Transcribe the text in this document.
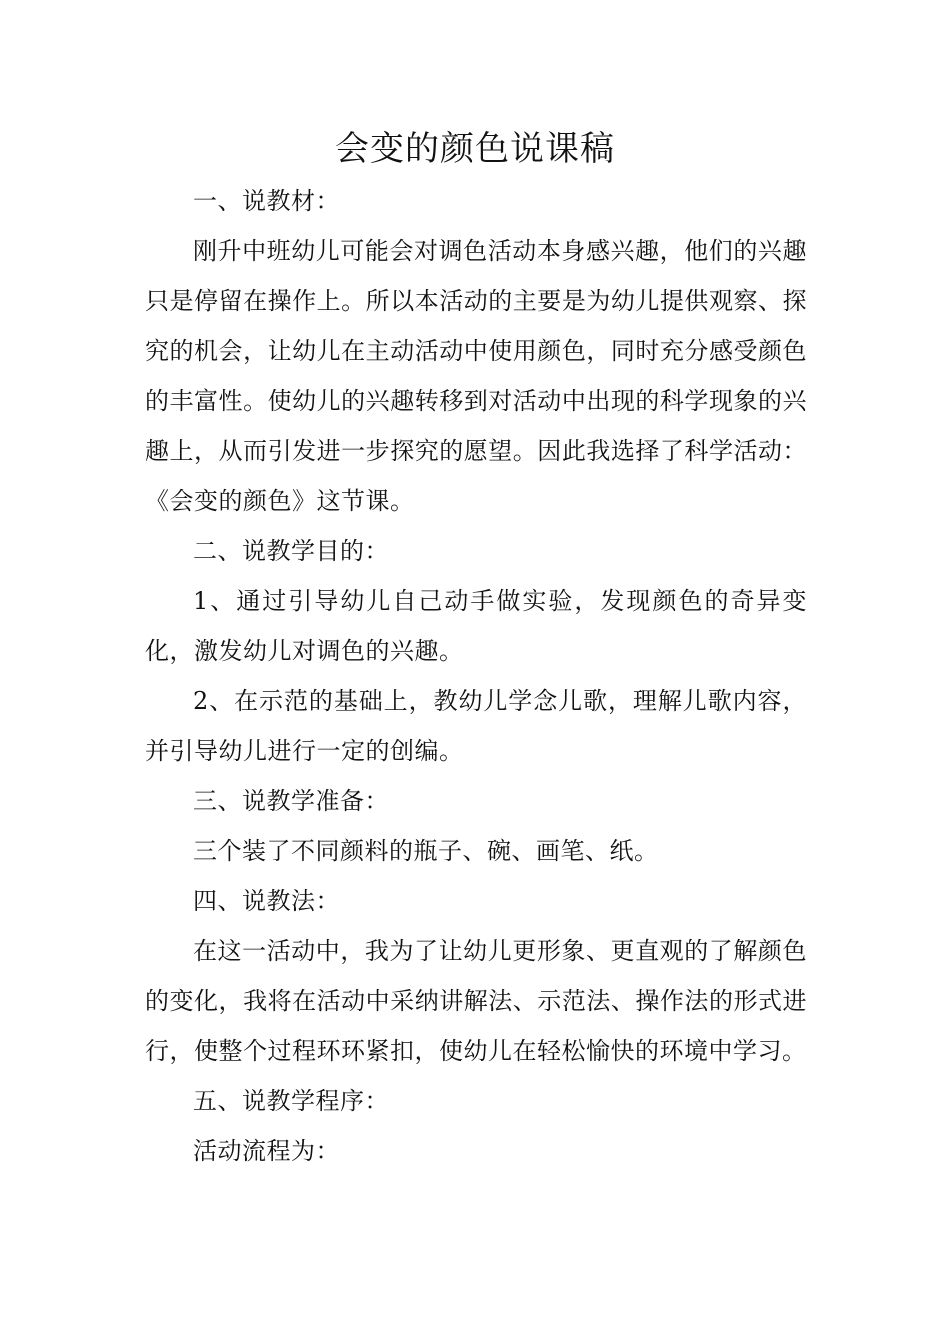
会变的颜色说课稿

一、说教材：

刚升中班幼儿可能会对调色活动本身感兴趣，他们的兴趣只是停留在操作上。所以本活动的主要是为幼儿提供观察、探究的机会，让幼儿在主动活动中使用颜色，同时充分感受颜色的丰富性。使幼儿的兴趣转移到对活动中出现的科学现象的兴趣上，从而引发进一步探究的愿望。因此我选择了科学活动：《会变的颜色》这节课。

二、说教学目的：

1、通过引导幼儿自己动手做实验，发现颜色的奇异变化，激发幼儿对调色的兴趣。

2、在示范的基础上，教幼儿学念儿歌，理解儿歌内容，并引导幼儿进行一定的创编。

三、说教学准备：

三个装了不同颜料的瓶子、碗、画笔、纸。

四、说教法：

在这一活动中，我为了让幼儿更形象、更直观的了解颜色的变化，我将在活动中采纳讲解法、示范法、操作法的形式进行，使整个过程环环紧扣，使幼儿在轻松愉快的环境中学习。

五、说教学程序：

活动流程为：
